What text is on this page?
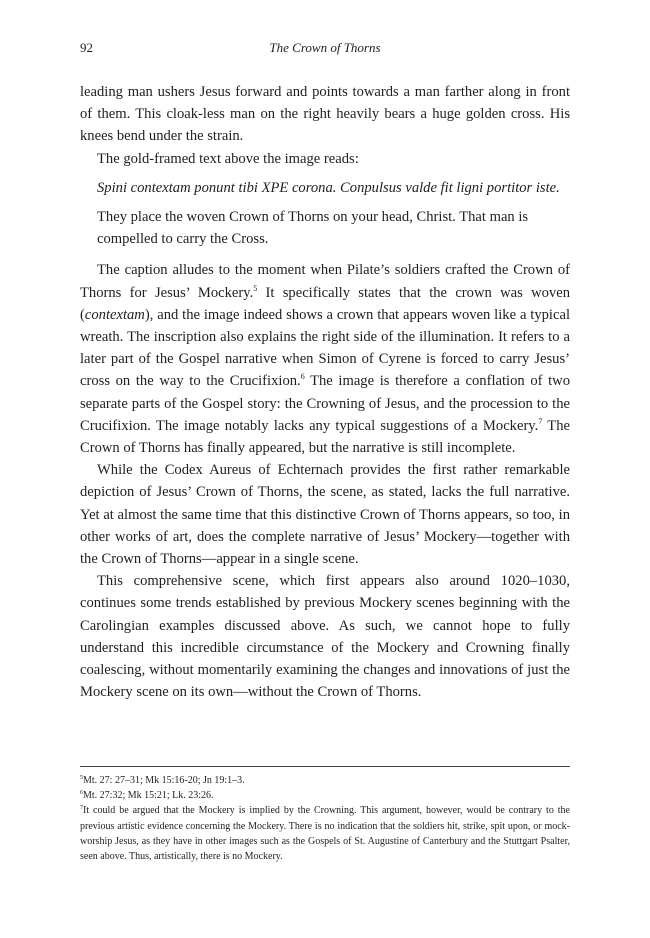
92	The Crown of Thorns

leading man ushers Jesus forward and points towards a man farther along in front of them. This cloak-less man on the right heavily bears a huge golden cross. His knees bend under the strain.

The gold-framed text above the image reads:

Spini contextam ponunt tibi XPE corona. Conpulsus valde fit ligni portitor iste.

They place the woven Crown of Thorns on your head, Christ. That man is compelled to carry the Cross.

The caption alludes to the moment when Pilate’s soldiers crafted the Crown of Thorns for Jesus’ Mockery.$^5$ It specifically states that the crown was woven (contextam), and the image indeed shows a crown that appears woven like a typical wreath. The inscription also explains the right side of the illumination. It refers to a later part of the Gospel narrative when Simon of Cyrene is forced to carry Jesus’ cross on the way to the Crucifixion.$^6$ The image is therefore a conflation of two separate parts of the Gospel story: the Crowning of Jesus, and the procession to the Crucifixion. The image notably lacks any typical suggestions of a Mockery.$^7$ The Crown of Thorns has finally appeared, but the narrative is still incomplete.

While the Codex Aureus of Echternach provides the first rather remarkable depiction of Jesus’ Crown of Thorns, the scene, as stated, lacks the full narrative. Yet at almost the same time that this distinctive Crown of Thorns appears, so too, in other works of art, does the complete narrative of Jesus’ Mockery—together with the Crown of Thorns—appear in a single scene.

This comprehensive scene, which first appears also around 1020–1030, continues some trends established by previous Mockery scenes beginning with the Carolingian examples discussed above. As such, we cannot hope to fully understand this incredible circumstance of the Mockery and Crowning finally coalescing, without momentarily examining the changes and innovations of just the Mockery scene on its own—without the Crown of Thorns.

$^5$Mt. 27: 27–31; Mk 15:16-20; Jn 19:1–3.

$^6$Mt. 27:32; Mk 15:21; Lk. 23:26.

$^7$It could be argued that the Mockery is implied by the Crowning. This argument, however, would be contrary to the previous artistic evidence concerning the Mockery. There is no indication that the soldiers hit, strike, spit upon, or mock-worship Jesus, as they have in other images such as the Gospels of St. Augustine of Canterbury and the Stuttgart Psalter, seen above. Thus, artistically, there is no Mockery.
